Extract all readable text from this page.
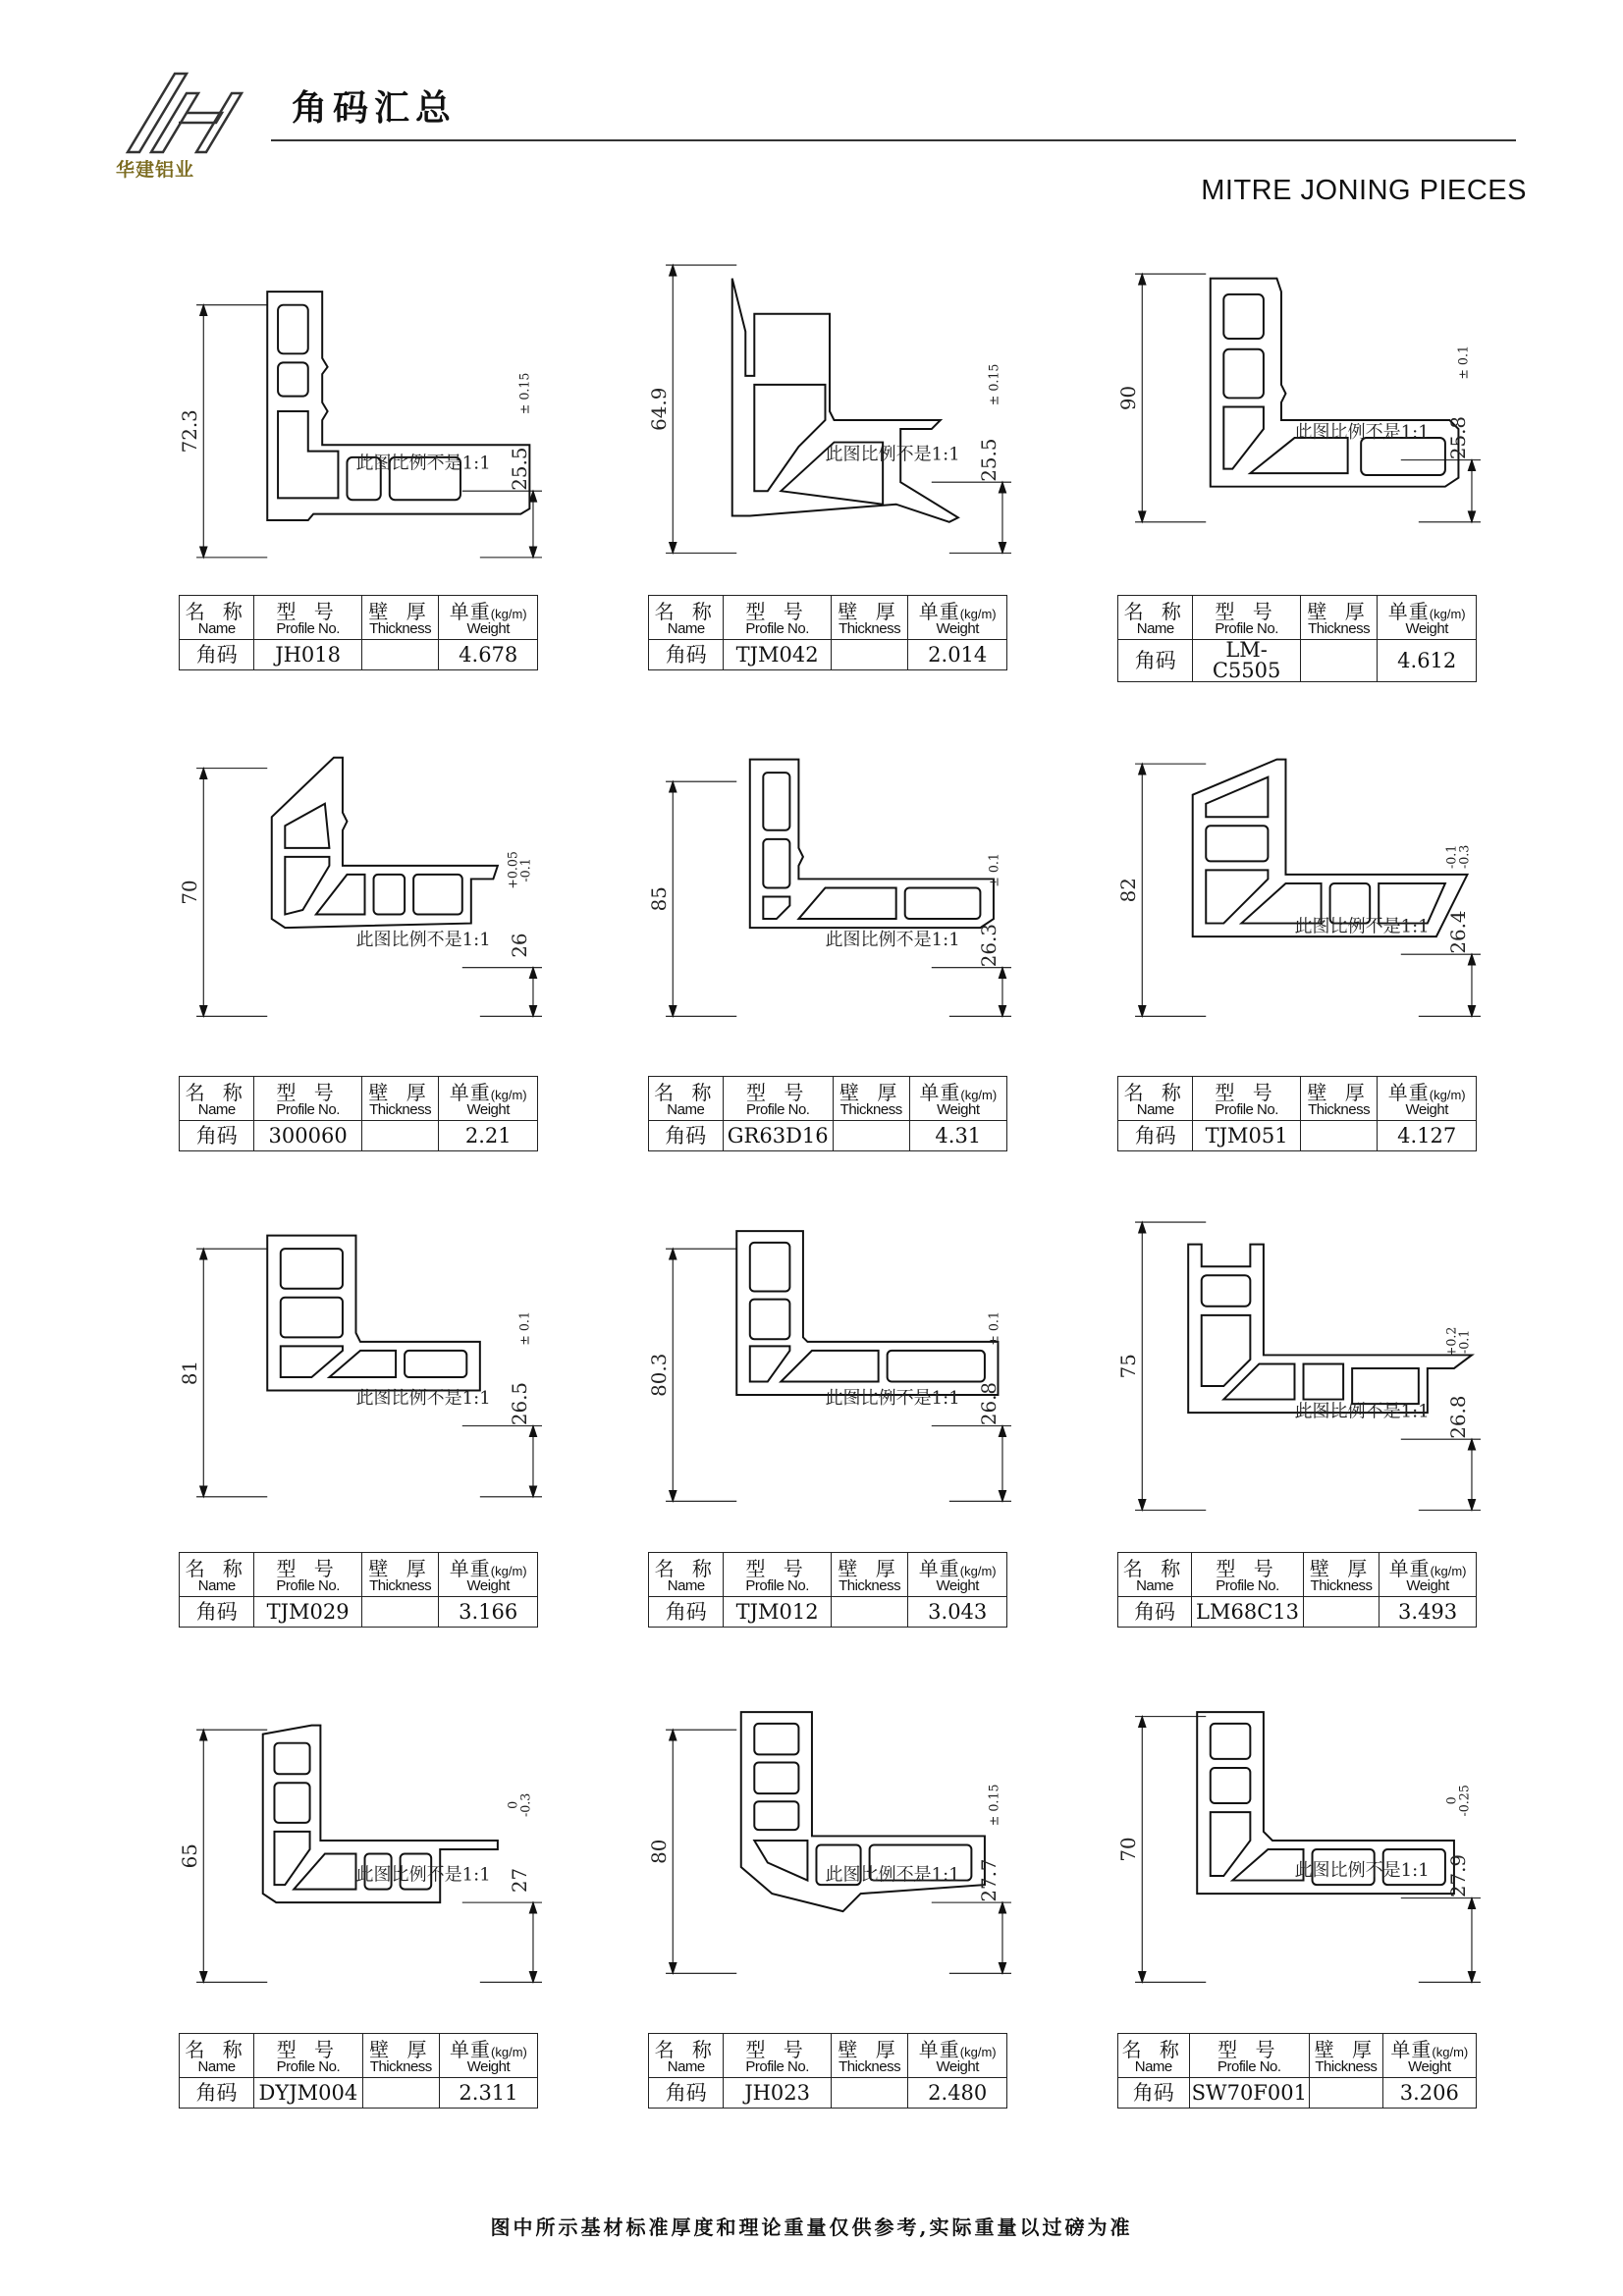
华建铝业
角码汇总
MITRE JONING PIECES
72.3
25.5
± 0.15
此图比例不是1:1
名 称	型 号	壁 厚	单重(kg/m)
Name	Profile No.	Thickness	Weight
角码	JH018		4.678
64.9
25.5
± 0.15
此图比例不是1:1
名 称	型 号	壁 厚	单重(kg/m)
Name	Profile No.	Thickness	Weight
角码	TJM042		2.014
90
25.8
± 0.1
此图比例不是1:1
名 称	型 号	壁 厚	单重(kg/m)
Name	Profile No.	Thickness	Weight
角码	LM-C5505		4.612
70
26
+0.05
-0.1
此图比例不是1:1
名 称	型 号	壁 厚	单重(kg/m)
Name	Profile No.	Thickness	Weight
角码	300060		2.21
85
26.3
± 0.1
此图比例不是1:1
名 称	型 号	壁 厚	单重(kg/m)
Name	Profile No.	Thickness	Weight
角码	GR63D16		4.31
82
26.4
-0.1
-0.3
此图比例不是1:1
名 称	型 号	壁 厚	单重(kg/m)
Name	Profile No.	Thickness	Weight
角码	TJM051		4.127
81
26.5
± 0.1
此图比例不是1:1
名 称	型 号	壁 厚	单重(kg/m)
Name	Profile No.	Thickness	Weight
角码	TJM029		3.166
80.3
26.8
± 0.1
此图比例不是1:1
名 称	型 号	壁 厚	单重(kg/m)
Name	Profile No.	Thickness	Weight
角码	TJM012		3.043
75
26.8
+0.2
-0.1
此图比例不是1:1
名 称	型 号	壁 厚	单重(kg/m)
Name	Profile No.	Thickness	Weight
角码	LM68C13		3.493
65
27
0
-0.3
此图比例不是1:1
名 称	型 号	壁 厚	单重(kg/m)
Name	Profile No.	Thickness	Weight
角码	DYJM004		2.311
80
27.7
± 0.15
此图比例不是1:1
名 称	型 号	壁 厚	单重(kg/m)
Name	Profile No.	Thickness	Weight
角码	JH023		2.480
70
27.9
0
-0.25
此图比例不是1:1
名 称	型 号	壁 厚	单重(kg/m)
Name	Profile No.	Thickness	Weight
角码	SW70F001		3.206
图中所示基材标准厚度和理论重量仅供参考,实际重量以过磅为准
